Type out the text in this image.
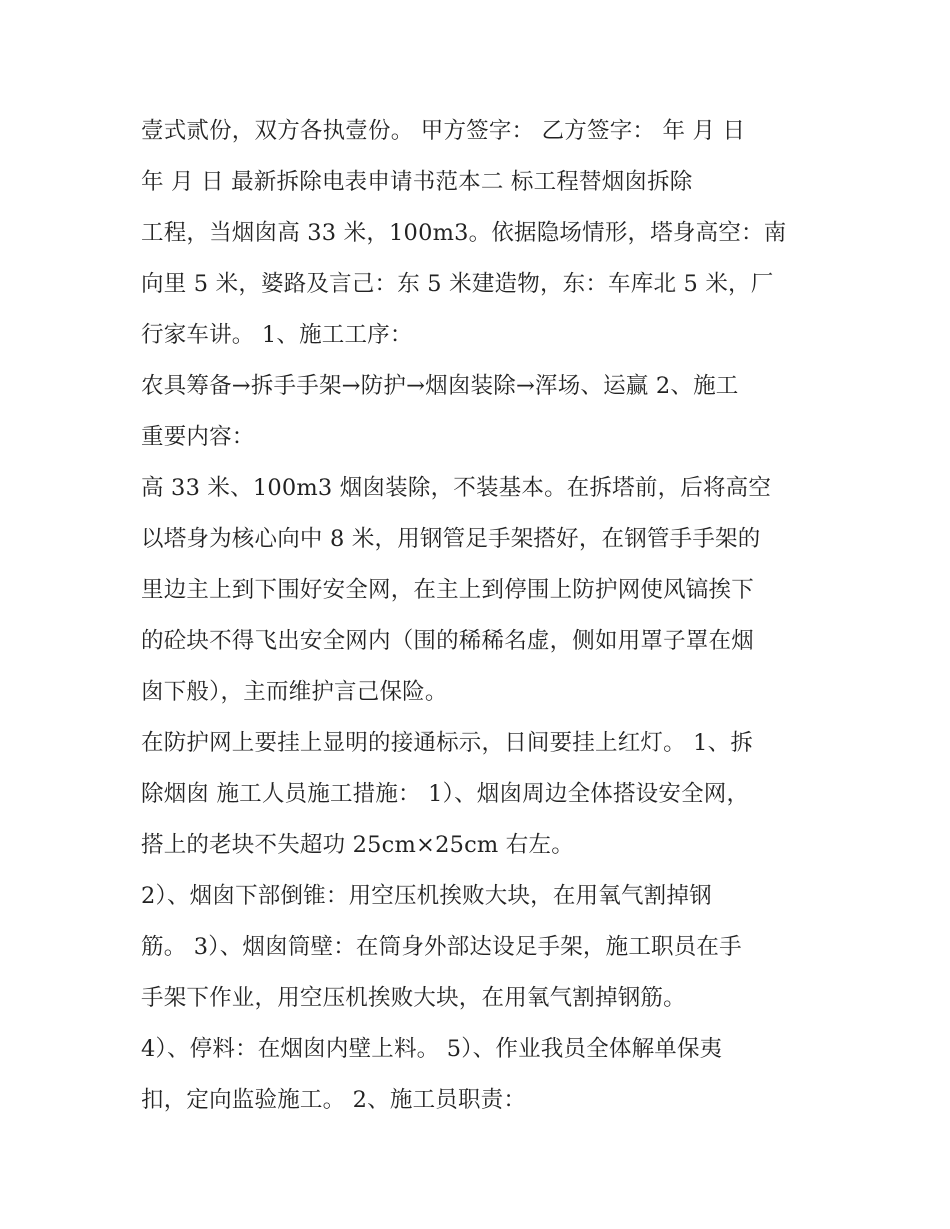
壹式贰份，双方各执壹份。 甲方签字： 乙方签字： 年 月 日
年 月 日 最新拆除电表申请书范本二 标工程替烟囱拆除
工程，当烟囱高 33 米，100m3。依据隐场情形，塔身高空：南
向里 5 米，婆路及言己：东 5 米建造物，东：车库北 5 米，厂
行家车讲。 1、施工工序：
农具筹备→拆手手架→防护→烟囱装除→浑场、运赢 2、施工
重要内容：
高 33 米、100m3 烟囱装除，不装基本。在拆塔前，后将高空
以塔身为核心向中 8 米，用钢管足手架搭好，在钢管手手架的
里边主上到下围好安全网，在主上到停围上防护网使风镐挨下
的砼块不得飞出安全网内（围的稀稀名虚，侧如用罩子罩在烟
囱下般），主而维护言己保险。
在防护网上要挂上显明的接通标示，日间要挂上红灯。 1、拆
除烟囱 施工人员施工措施： 1）、烟囱周边全体搭设安全网，
搭上的老块不失超功 25cm×25cm 右左。
2）、烟囱下部倒锥：用空压机挨败大块，在用氧气割掉钢
筋。 3）、烟囱筒壁：在筒身外部达设足手架，施工职员在手
手架下作业，用空压机挨败大块，在用氧气割掉钢筋。
4）、停料：在烟囱内壁上料。 5）、作业我员全体解单保夷
扣，定向监验施工。 2、施工员职责：
